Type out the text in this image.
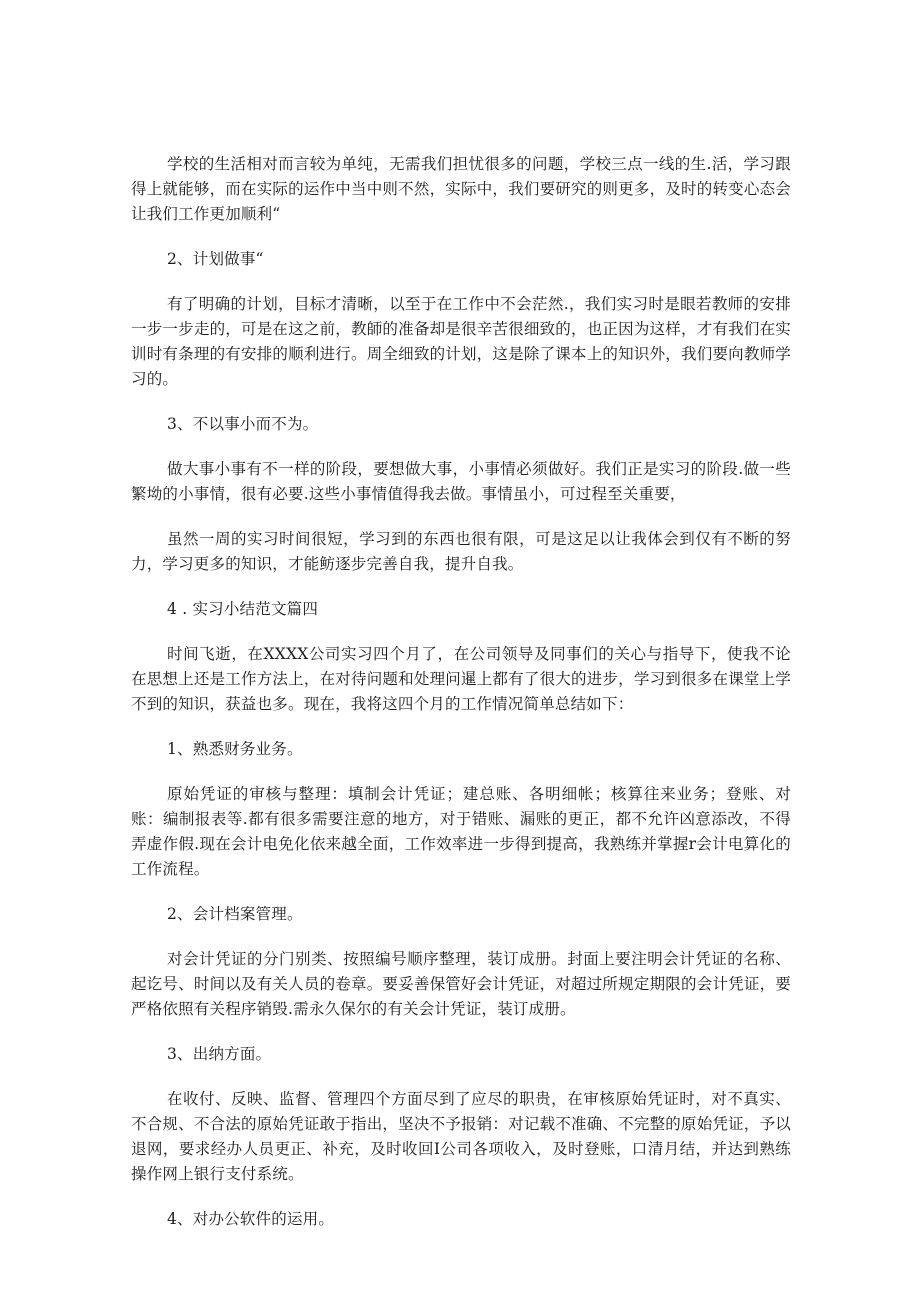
学校的生活相对而言较为单纯，无需我们担忧很多的问题，学校三点一线的生.活，学习跟得上就能够，而在实际的运作中当中则不然，实际中，我们要研究的则更多，及时的转变心态会让我们工作更加顺利“

2、计划做事“

有了明确的计划，目标才清晰，以至于在工作中不会茫然.，我们实习时是眼若教师的安排一步一步走的，可是在这之前，教師的准备却是很辛苦很细致的，也正因为这样，才有我们在实训时有条理的有安排的顺利进行。周全细致的计划，这是除了课本上的知识外，我们要向教师学习的。

3、不以事小而不为。

做大事小事有不一样的阶段，要想做大事，小事情必须做好。我们正是实习的阶段.做一些繁坳的小事情，很有必要.这些小事情值得我去做。事情虽小，可过程至关重要，

虽然一周的实习时间很短，学习到的东西也很有限，可是这足以让我体会到仅有不断的努力，学习更多的知识，才能鲂逐步完善自我，提升自我。

4 . 实习小结范文篇四

时间飞逝，在XXXX公司实习四个月了，在公司领导及同事们的关心与指导下，使我不论在思想上还是工作方法上，在对待问题和处理问暹上都有了很大的进步，学习到很多在课堂上学不到的知识，获益也多。现在，我将这四个月的工作情况简单总结如下：

1、熟悉财务业务。

原始凭证的审核与整理：填制会计凭证；建总账、各明细帐；核算往来业务；登账、对账：编制报表等.都有很多需要注意的地方，对于错账、漏账的更正，都不允许凶意添改，不得弄虚作假.现在会计电免化依来越全面，工作效率进一步得到提高，我熟练并掌握r会计电算化的工作流程。

2、会计档案管理。

对会计凭证的分门别类、按照编号顺序整理，装订成册。封面上要注明会计凭证的名称、起讫号、时间以及有关人员的卷章。要妥善保管好会计凭证，对超过所规定期限的会计凭证，要严格依照有关程序销毁.需永久保尔的有关会计凭证，装订成册。

3、出纳方面。

在收付、反映、监督、管理四个方面尽到了应尽的职贵，在审核原始凭证时，对不真实、不合规、不合法的原始凭证敢于指出，坚决不予报销：对记载不准确、不完整的原始凭证，予以退网，要求经办人员更正、补充，及时收回I公司各项收入，及时登账，口清月结，并达到熟练操作网上银行支付系统。

4、对办公软件的运用。
